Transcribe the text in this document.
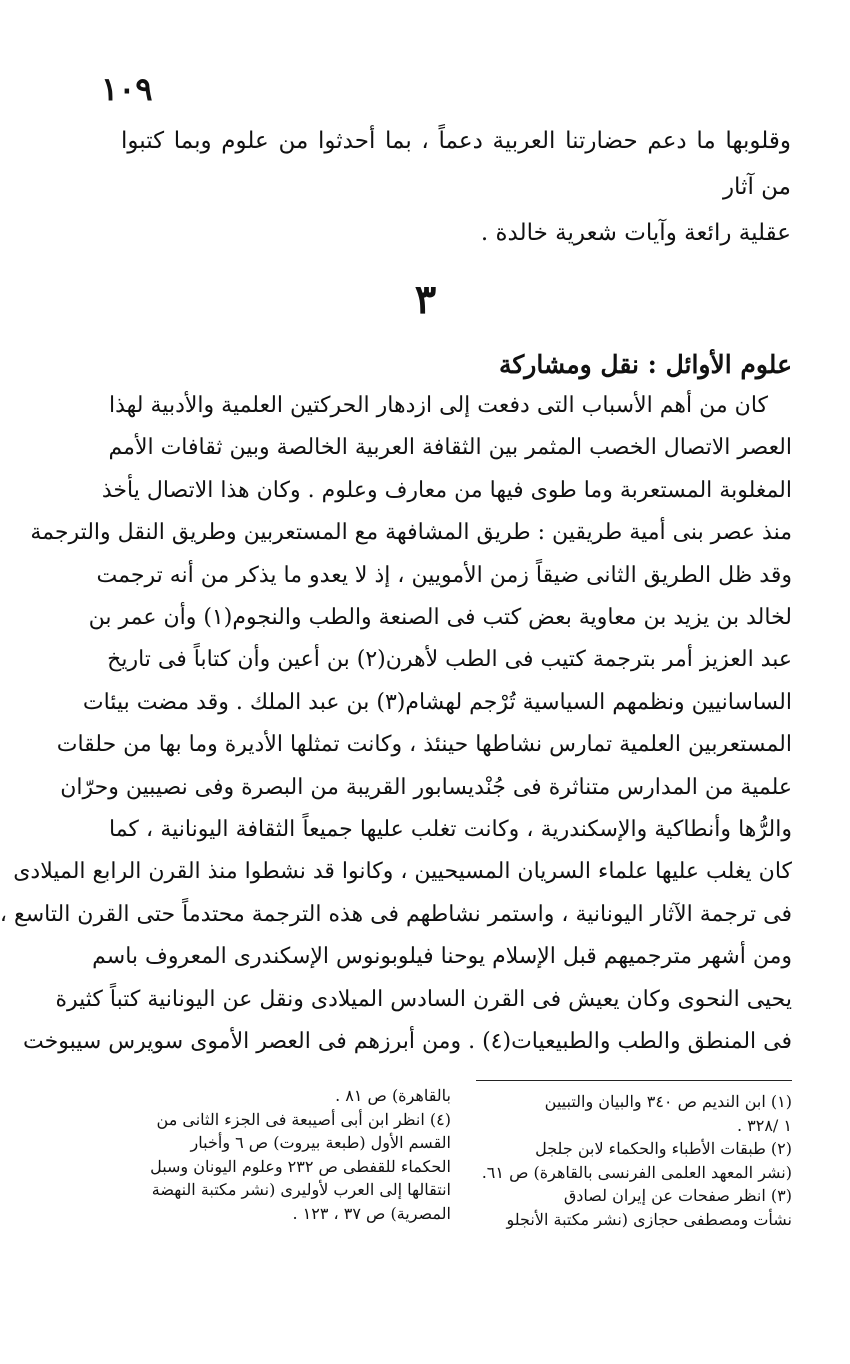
١٠٩
وقلوبها ما دعم حضارتنا العربية دعماً ، بما أحدثوا من علوم وبما كتبوا من آثار
عقلية رائعة وآيات شعرية خالدة .
٣
علوم الأوائل : نقل ومشاركة
كان من أهم الأسباب التى دفعت إلى ازدهار الحركتين العلمية والأدبية لهذا
العصر الاتصال الخصب المثمر بين الثقافة العربية الخالصة وبين ثقافات الأمم
المغلوبة المستعربة وما طوى فيها من معارف وعلوم . وكان هذا الاتصال يأخذ
منذ عصر بنى أمية طريقين : طريق المشافهة مع المستعربين وطريق النقل والترجمة
وقد ظل الطريق الثانى ضيقاً زمن الأمويين ، إذ لا يعدو ما يذكر من أنه ترجمت
لخالد بن يزيد بن معاوية بعض كتب فى الصنعة والطب والنجوم(١) وأن عمر بن
عبد العزيز أمر بترجمة كتيب فى الطب لأهرن(٢) بن أعين وأن كتاباً فى تاريخ
الساسانيين ونظمهم السياسية تُرْجم لهشام(٣) بن عبد الملك . وقد مضت بيئات
المستعربين العلمية تمارس نشاطها حينئذ ، وكانت تمثلها الأديرة وما بها من حلقات
علمية من المدارس متناثرة فى جُنْديسابور القريبة من البصرة وفى نصيبين وحرّان
والرُّها وأنطاكية والإسكندرية ، وكانت تغلب عليها جميعاً الثقافة اليونانية ، كما
كان يغلب عليها علماء السريان المسيحيين ، وكانوا قد نشطوا منذ القرن الرابع الميلادى
فى ترجمة الآثار اليونانية ، واستمر نشاطهم فى هذه الترجمة محتدماً حتى القرن التاسع ،
ومن أشهر مترجميهم قبل الإسلام يوحنا فيلوبونوس الإسكندرى المعروف باسم
يحيى النحوى وكان يعيش فى القرن السادس الميلادى ونقل عن اليونانية كتباً كثيرة
فى المنطق والطب والطبيعيات(٤) . ومن أبرزهم فى العصر الأموى سويرس سيبوخت
(١) ابن النديم ص ٣٤٠ والبيان والتبيين
١ /٣٢٨ .
(٢) طبقات الأطباء والحكماء لابن جلجل
(نشر المعهد العلمى الفرنسى بالقاهرة) ص ٦١.
(٣) انظر صفحات عن إيران لصادق
نشأت ومصطفى حجازى (نشر مكتبة الأنجلو
بالقاهرة) ص ٨١ .
(٤) انظر ابن أبى أصيبعة فى الجزء الثانى من
القسم الأول (طبعة بيروت) ص ٦ وأخبار
الحكماء للقفطى ص ٢٣٢ وعلوم اليونان وسبل
انتقالها إلى العرب لأوليرى (نشر مكتبة النهضة
المصرية) ص ٣٧ ، ١٢٣ .
